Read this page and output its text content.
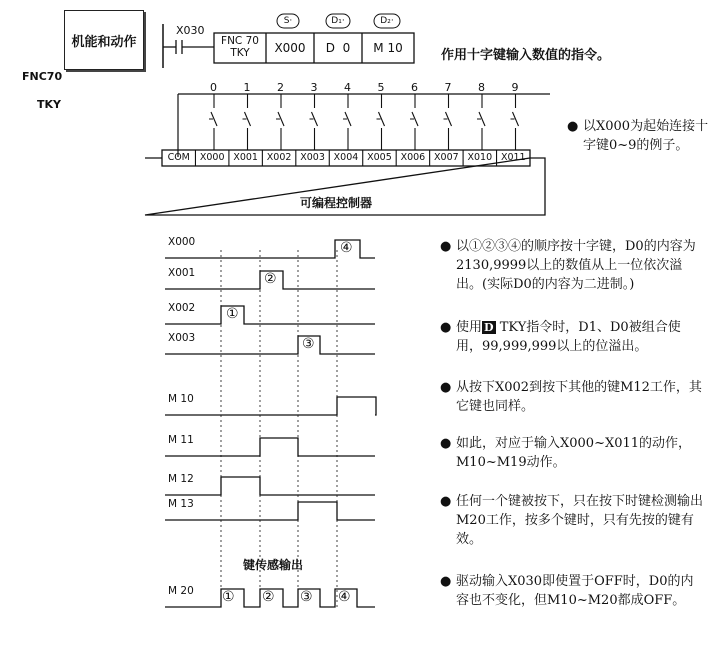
机能和动作
FNC70
TKY
FNC 70
TKY	X000	D  0	M 10
S·	D₁·	D₂·
X030
作用十字键输入数值的指令。
可编程控制器
● 以X000为起始连接十字键0~9的例子。
键传感输出
● 以①②③④的顺序按十字键，D0的内容为2130,9999以上的数值从上一位依次溢出。(实际D0的内容为二进制。)
● 使用 D TKY指令时，D1、D0被组合使用，99,999,999以上的位溢出。
● 从按下X002到按下其他的键M12工作，其它键也同样。
● 如此，对应于输入X000~X011的动作，M10~M19动作。
● 任何一个键被按下，只在按下时键检测输出M20工作，按多个键时，只有先按的键有效。
● 驱动输入X030即使置于OFF时，D0的内容也不变化，但M10~M20都成OFF。
0 1 2 3 4 5 6 7 8 9
COM	X000 X001 X002 X003 X004 X005 X006 X007 X010 X011
X000
X001
X002
X003
M 10
M 11
M 12
M 13
M 20
④
②
①
③
① ② ③ ④
